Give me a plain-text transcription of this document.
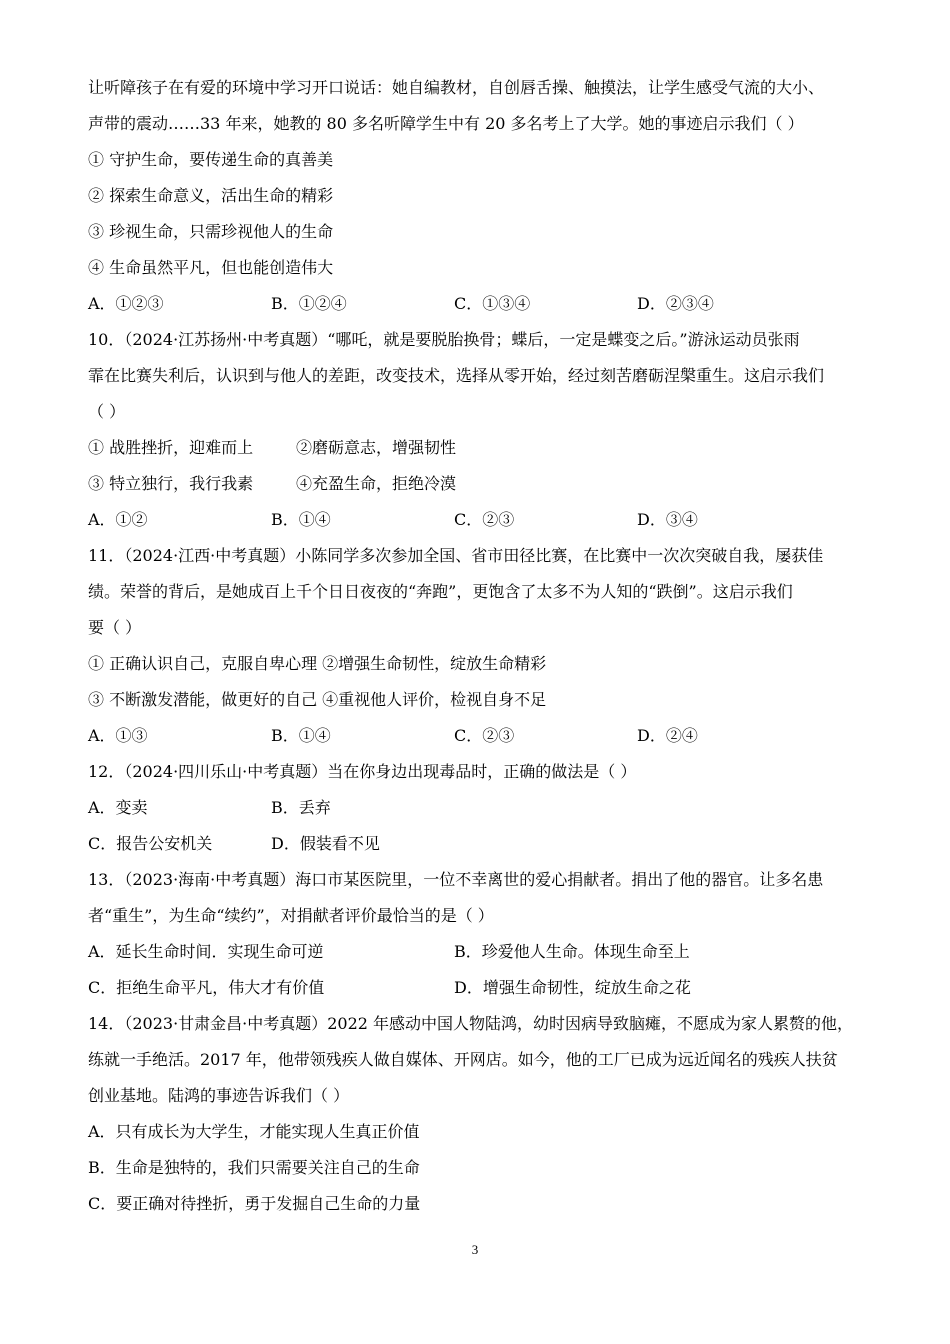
让听障孩子在有爱的环境中学习开口说话：她自编教材，自创唇舌操、触摸法，让学生感受气流的大小、
声带的震动……33 年来，她教的 80 多名听障学生中有 20 多名考上了大学。她的事迹启示我们（ ）
① 守护生命，要传递生命的真善美
② 探索生命意义，活出生命的精彩
③ 珍视生命，只需珍视他人的生命
④ 生命虽然平凡，但也能创造伟大
A．①②③	B．①②④	C．①③④	D．②③④
10．（2024·江苏扬州·中考真题）“哪吒，就是要脱胎换骨；蝶后，一定是蝶变之后。”游泳运动员张雨
霏在比赛失利后，认识到与他人的差距，改变技术，选择从零开始，经过刻苦磨砺涅槃重生。这启示我们
（ ）
① 战胜挫折，迎难而上	②磨砺意志，增强韧性
③ 特立独行，我行我素	④充盈生命，拒绝冷漠
A．①②	B．①④	C．②③	D．③④
11．（2024·江西·中考真题）小陈同学多次参加全国、省市田径比赛，在比赛中一次次突破自我，屡获佳
绩。荣誉的背后，是她成百上千个日日夜夜的“奔跑”，更饱含了太多不为人知的“跌倒”。这启示我们
要（ ）
① 正确认识自己，克服自卑心理 ②增强生命韧性，绽放生命精彩
③ 不断激发潜能，做更好的自己 ④重视他人评价，检视自身不足
A．①③	B．①④	C．②③	D．②④
12．（2024·四川乐山·中考真题）当在你身边出现毒品时，正确的做法是（ ）
A．变卖	B．丢弃
C．报告公安机关	D．假装看不见
13．（2023·海南·中考真题）海口市某医院里，一位不幸离世的爱心捐献者。捐出了他的器官。让多名患
者“重生”，为生命“续约”，对捐献者评价最恰当的是（ ）
A．延长生命时间．实现生命可逆	B．珍爱他人生命。体现生命至上
C．拒绝生命平凡，伟大才有价值	D．增强生命韧性，绽放生命之花
14．（2023·甘肃金昌·中考真题）2022 年感动中国人物陆鸿，幼时因病导致脑瘫，不愿成为家人累赘的他，
练就一手绝活。2017 年，他带领残疾人做自媒体、开网店。如今，他的工厂已成为远近闻名的残疾人扶贫
创业基地。陆鸿的事迹告诉我们（ ）
A．只有成长为大学生，才能实现人生真正价值
B．生命是独特的，我们只需要关注自己的生命
C．要正确对待挫折，勇于发掘自己生命的力量
3
